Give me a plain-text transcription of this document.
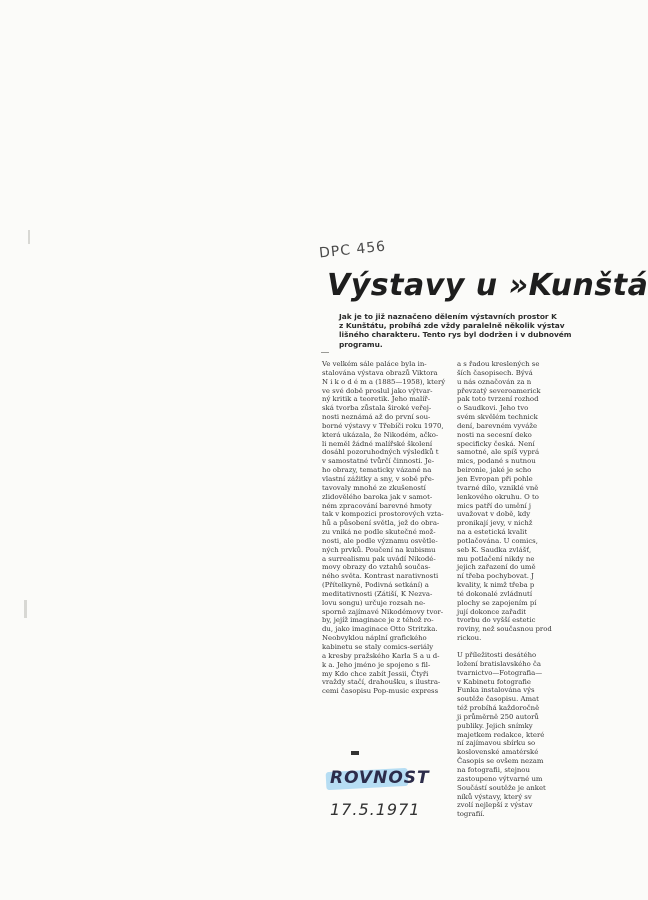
DPC 456
Výstavy u »Kunštá

Jak je to již naznačeno dělením výstavních prostor K
z Kunštátu, probíhá zde vždy paralelně několik výstav
lišného charakteru. Tento rys byl dodržen i v dubnovém
programu.

Ve velkém sále paláce byla in-
stalována výstava obrazů Viktora
N i k o d é m a (1885—1958), který
ve své době proslul jako výtvar-
ný kritik a teoretik. Jeho malíř-
ská tvorba zůstala široké veřej-
nosti neznámá až do první sou-
borné výstavy v Třebíči roku 1970,
která ukázala, že Nikodém, ačko-
li neměl žádné malířské školení
dosáhl pozoruhodných výsledků t
v samostatné tvůrčí činnosti. Je-
ho obrazy, tematicky vázané na
vlastní zážitky a sny, v sobě pře-
tavovaly mnohé ze zkušeností
zlidovělého baroka jak v samot-
ném zpracování barevné hmoty
tak v kompozici prostorových vzta-
hů a působení světla, jež do obra-
zu vniká ne podle skutečné mož-
nosti, ale podle významu osvětle-
ných prvků. Poučení na kubismu
a surrealismu pak uvádí Nikodé-
movy obrazy do vztahů součas-
ného světa. Kontrast narativnosti
(Přítelkyně, Podivná setkání) a
meditativnosti (Zátiší, K Nezva-
lovu songu) určuje rozsah ne-
sporně zajímavé Nikodémovy tvor-
by, jejíž imaginace je z téhož ro-
du, jako imaginace Otto Stritzka.
Neobvyklou náplní grafického
kabinetu se staly comics-seriály
a kresby pražského Karla S a u d-
k a. Jeho jméno je spojeno s fil-
my Kdo chce zabít Jessii, Čtyři
vraždy stačí, drahoušku, s ilustra-
cemi časopisu Pop-music express
a s řadou kreslených se
ších časopisech. Bývá
u nás označován za n
převzatý severoamerick
pak toto tvrzení rozhod
o Saudkovi. Jeho tvo
svém skvělém technick
dení, barevném vyváže
nosti na secesní deko
specificky česká. Není
samotné, ale spíš vyprá
mics, podané s nutnou
beironie, jaké je scho
jen Evropan při pohle
tvarné dílo, vzniklé vně
lenkového okruhu. O to
mics patří do umění j
uvažovat v době, kdy
pronikají jevy, v nichž
na a estetická kvalit
potlačována. U comics,
seb K. Saudka zvlášť,
mu potlačení nikdy ne
jejich zařazení do umě
ní třeba pochybovat. J
kvality, k nimž třeba p
té dokonalé zvládnutí
plochy se zapojením pí
jují dokonce zařadit
tvorbu do vyšší estetic
roviny, než současnou prod
rickou.
U příležitosti desátého
ložení bratislavského ča
tvarnictvo—Fotografia—
v Kabinetu fotografie
Funka instalována výs
soutěže časopisu. Amat
též probíhá každoročně
ji průměrně 250 autorů
publiky. Jejich snímky
majetkem redakce, které
ní zajímavou sbírku so
koslovenské amatérské
Časopis se ovšem nezam
na fotografii, stejnou
zastoupeno výtvarné um
Součástí soutěže je anket
níků výstavy, který sv
zvolí nejlepší z výstav
tografií.
ROVNOST
17.5.1971
